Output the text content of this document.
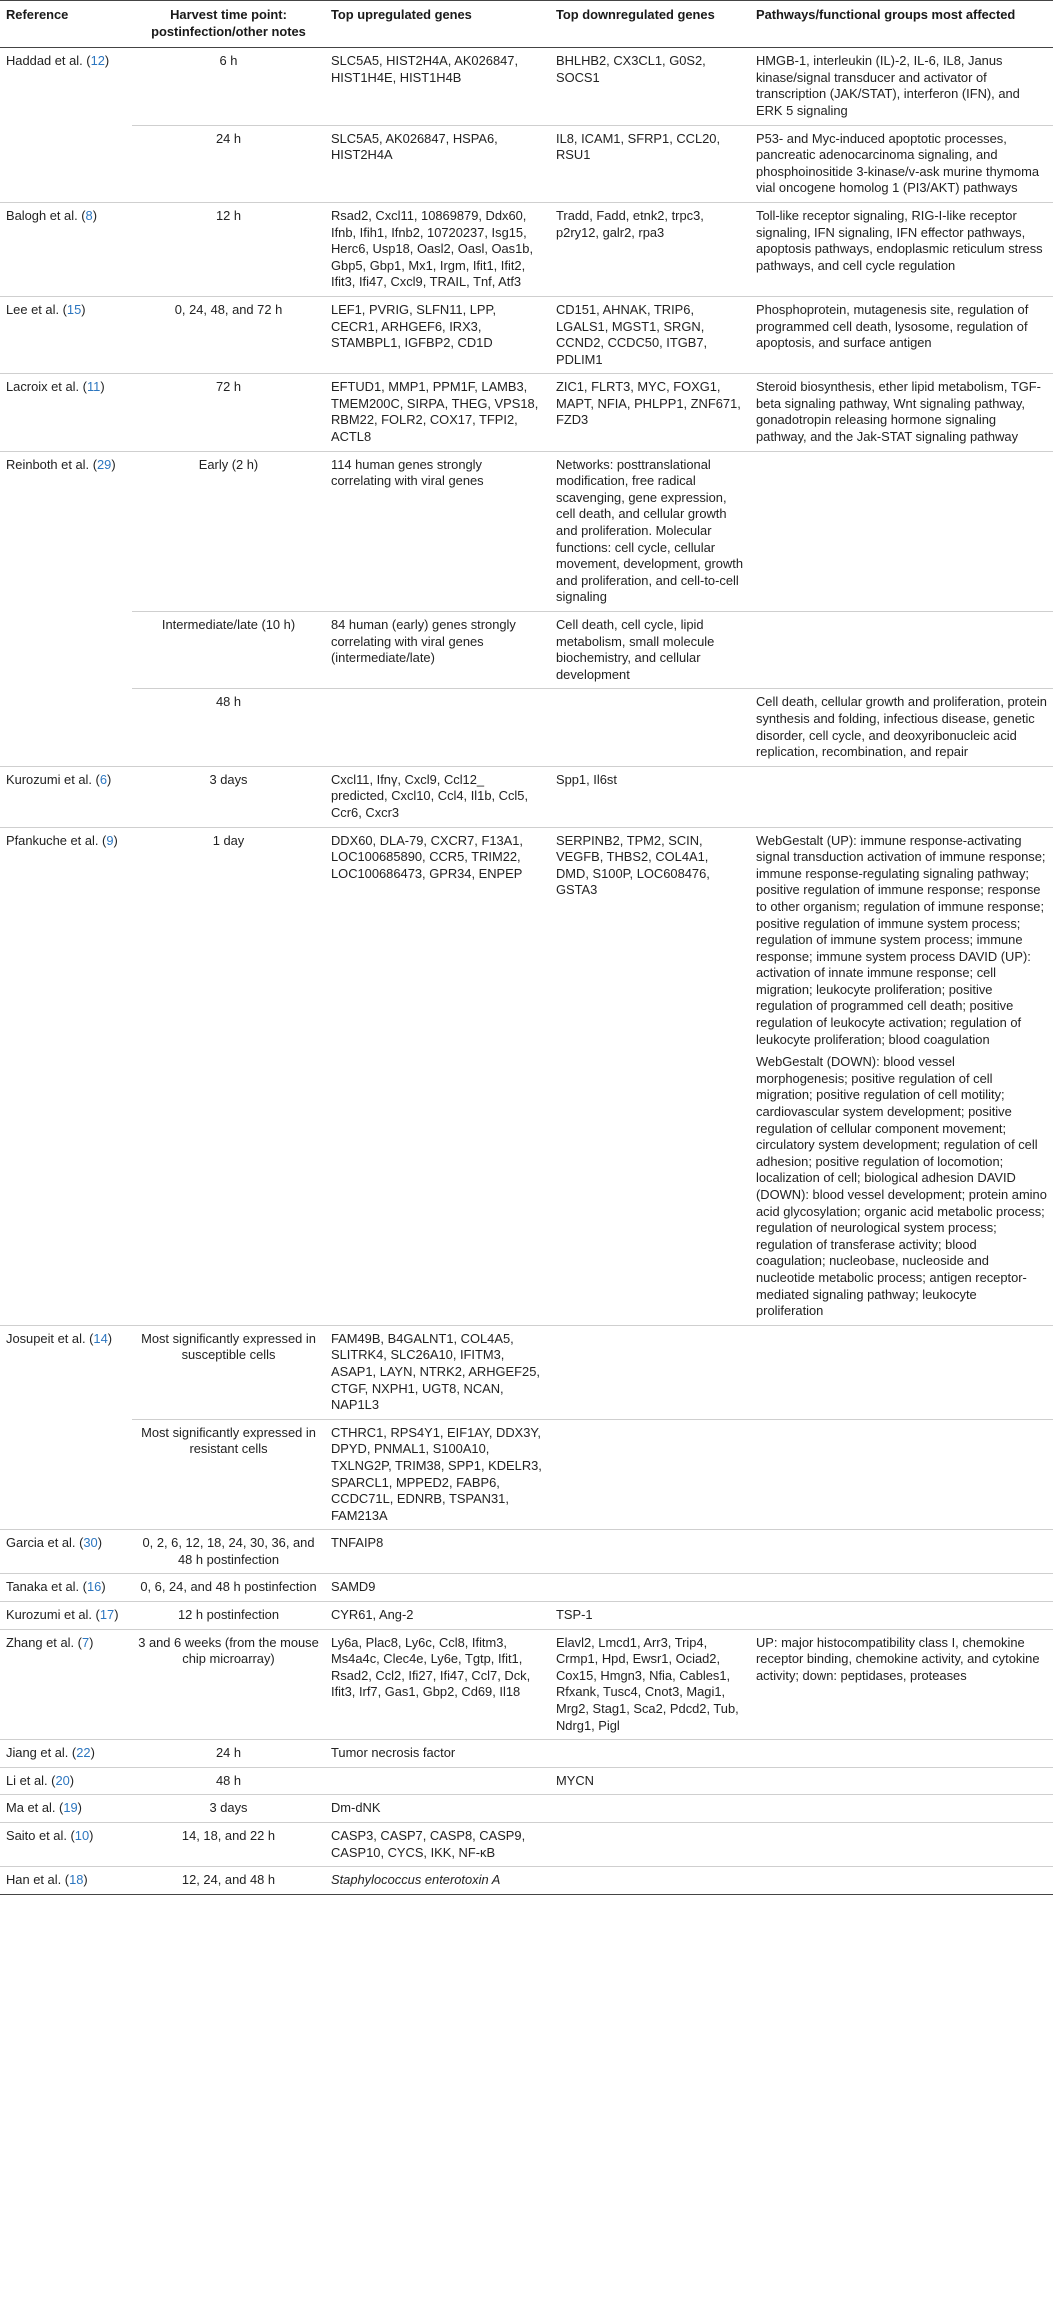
Reference	Harvest time point: postinfection/other notes	Top upregulated genes	Top downregulated genes	Pathways/functional groups most affected
Haddad et al. (12)	6 h	SLC5A5, HIST2H4A, AK026847, HIST1H4E, HIST1H4B	BHLHB2, CX3CL1, G0S2, SOCS1	HMGB-1, interleukin (IL)-2, IL-6, IL8, Janus kinase/signal transducer and activator of transcription (JAK/STAT), interferon (IFN), and ERK 5 signaling

	24 h	SLC5A5, AK026847, HSPA6, HIST2H4A	IL8, ICAM1, SFRP1, CCL20, RSU1	P53- and Myc-induced apoptotic processes, pancreatic adenocarcinoma signaling, and phosphoinositide 3-kinase/v-ask murine thymoma vial oncogene homolog 1 (PI3/AKT) pathways

Balogh et al. (8)	12 h	Rsad2, Cxcl11, 10869879, Ddx60, Ifnb, Ifih1, Ifnb2, 10720237, Isg15, Herc6, Usp18, Oasl2, Oasl, Oas1b, Gbp5, Gbp1, Mx1, Irgm, Ifit1, Ifit2, Ifit3, Ifi47, Cxcl9, TRAIL, Tnf, Atf3	Tradd, Fadd, etnk2, trpc3, p2ry12, galr2, rpa3	Toll-like receptor signaling, RIG-I-like receptor signaling, IFN signaling, IFN effector pathways, apoptosis pathways, endoplasmic reticulum stress pathways, and cell cycle regulation

Lee et al. (15)	0, 24, 48, and 72 h	LEF1, PVRIG, SLFN11, LPP, CECR1, ARHGEF6, IRX3, STAMBPL1, IGFBP2, CD1D	CD151, AHNAK, TRIP6, LGALS1, MGST1, SRGN, CCND2, CCDC50, ITGB7, PDLIM1	Phosphoprotein, mutagenesis site, regulation of programmed cell death, lysosome, regulation of apoptosis, and surface antigen

Lacroix et al. (11)	72 h	EFTUD1, MMP1, PPM1F, LAMB3, TMEM200C, SIRPA, THEG, VPS18, RBM22, FOLR2, COX17, TFPI2, ACTL8	ZIC1, FLRT3, MYC, FOXG1, MAPT, NFIA, PHLPP1, ZNF671, FZD3	Steroid biosynthesis, ether lipid metabolism, TGF-beta signaling pathway, Wnt signaling pathway, gonadotropin releasing hormone signaling pathway, and the Jak-STAT signaling pathway

Reinboth et al. (29)	Early (2 h)	114 human genes strongly correlating with viral genes	Networks: posttranslational modification, free radical scavenging, gene expression, cell death, and cellular growth and proliferation. Molecular functions: cell cycle, cellular movement, development, growth and proliferation, and cell-to-cell signaling	
	Intermediate/late (10 h)	84 human (early) genes strongly correlating with viral genes (intermediate/late)	Cell death, cell cycle, lipid metabolism, small molecule biochemistry, and cellular development	
	48 h			Cell death, cellular growth and proliferation, protein synthesis and folding, infectious disease, genetic disorder, cell cycle, and deoxyribonucleic acid replication, recombination, and repair

Kurozumi et al. (6)	3 days	Cxcl11, Ifnγ, Cxcl9, Ccl12_ predicted, Cxcl10, Ccl4, Il1b, Ccl5, Ccr6, Cxcr3	Spp1, Il6st	
Pfankuche et al. (9)	1 day	DDX60, DLA-79, CXCR7, F13A1, LOC100685890, CCR5, TRIM22, LOC100686473, GPR34, ENPEP	SERPINB2, TPM2, SCIN, VEGFB, THBS2, COL4A1, DMD, S100P, LOC608476, GSTA3	WebGestalt (UP): immune response-activating signal transduction activation of immune response; immune response-regulating signaling pathway; positive regulation of immune response; response to other organism; regulation of immune response; positive regulation of immune system process; regulation of immune system process; immune response; immune system process DAVID (UP): activation of innate immune response; cell migration; leukocyte proliferation; positive regulation of programmed cell death; positive regulation of leukocyte activation; regulation of leukocyte proliferation; blood coagulation
WebGestalt (DOWN): blood vessel morphogenesis; positive regulation of cell migration; positive regulation of cell motility; cardiovascular system development; positive regulation of cellular component movement; circulatory system development; regulation of cell adhesion; positive regulation of locomotion; localization of cell; biological adhesion DAVID (DOWN): blood vessel development; protein amino acid glycosylation; organic acid metabolic process; regulation of neurological system process; regulation of transferase activity; blood coagulation; nucleobase, nucleoside and nucleotide metabolic process; antigen receptor-mediated signaling pathway; leukocyte proliferation

Josupeit et al. (14)	Most significantly expressed in susceptible cells	FAM49B, B4GALNT1, COL4A5, SLITRK4, SLC26A10, IFITM3, ASAP1, LAYN, NTRK2, ARHGEF25, CTGF, NXPH1, UGT8, NCAN, NAP1L3		
	Most significantly expressed in resistant cells	CTHRC1, RPS4Y1, EIF1AY, DDX3Y, DPYD, PNMAL1, S100A10, TXLNG2P, TRIM38, SPP1, KDELR3, SPARCL1, MPPED2, FABP6, CCDC71L, EDNRB, TSPAN31, FAM213A		
Garcia et al. (30)	0, 2, 6, 12, 18, 24, 30, 36, and 48 h postinfection	TNFAIP8		
Tanaka et al. (16)	0, 6, 24, and 48 h postinfection	SAMD9		
Kurozumi et al. (17)	12 h postinfection	CYR61, Ang-2	TSP-1	
Zhang et al. (7)	3 and 6 weeks (from the mouse chip microarray)	Ly6a, Plac8, Ly6c, Ccl8, Ifitm3, Ms4a4c, Clec4e, Ly6e, Tgtp, Ifit1, Rsad2, Ccl2, Ifi27, Ifi47, Ccl7, Dck, Ifit3, Irf7, Gas1, Gbp2, Cd69, Il18	Elavl2, Lmcd1, Arr3, Trip4, Crmp1, Hpd, Ewsr1, Ociad2, Cox15, Hmgn3, Nfia, Cables1, Rfxank, Tusc4, Cnot3, Magi1, Mrg2, Stag1, Sca2, Pdcd2, Tub, Ndrg1, Pigl	UP: major histocompatibility class I, chemokine receptor binding, chemokine activity, and cytokine activity; down: peptidases, proteases

Jiang et al. (22)	24 h	Tumor necrosis factor		
Li et al. (20)	48 h		MYCN	
Ma et al. (19)	3 days	Dm-dNK		
Saito et al. (10)	14, 18, and 22 h	CASP3, CASP7, CASP8, CASP9, CASP10, CYCS, IKK, NF-κB		
Han et al. (18)	12, 24, and 48 h	Staphylococcus enterotoxin A		
